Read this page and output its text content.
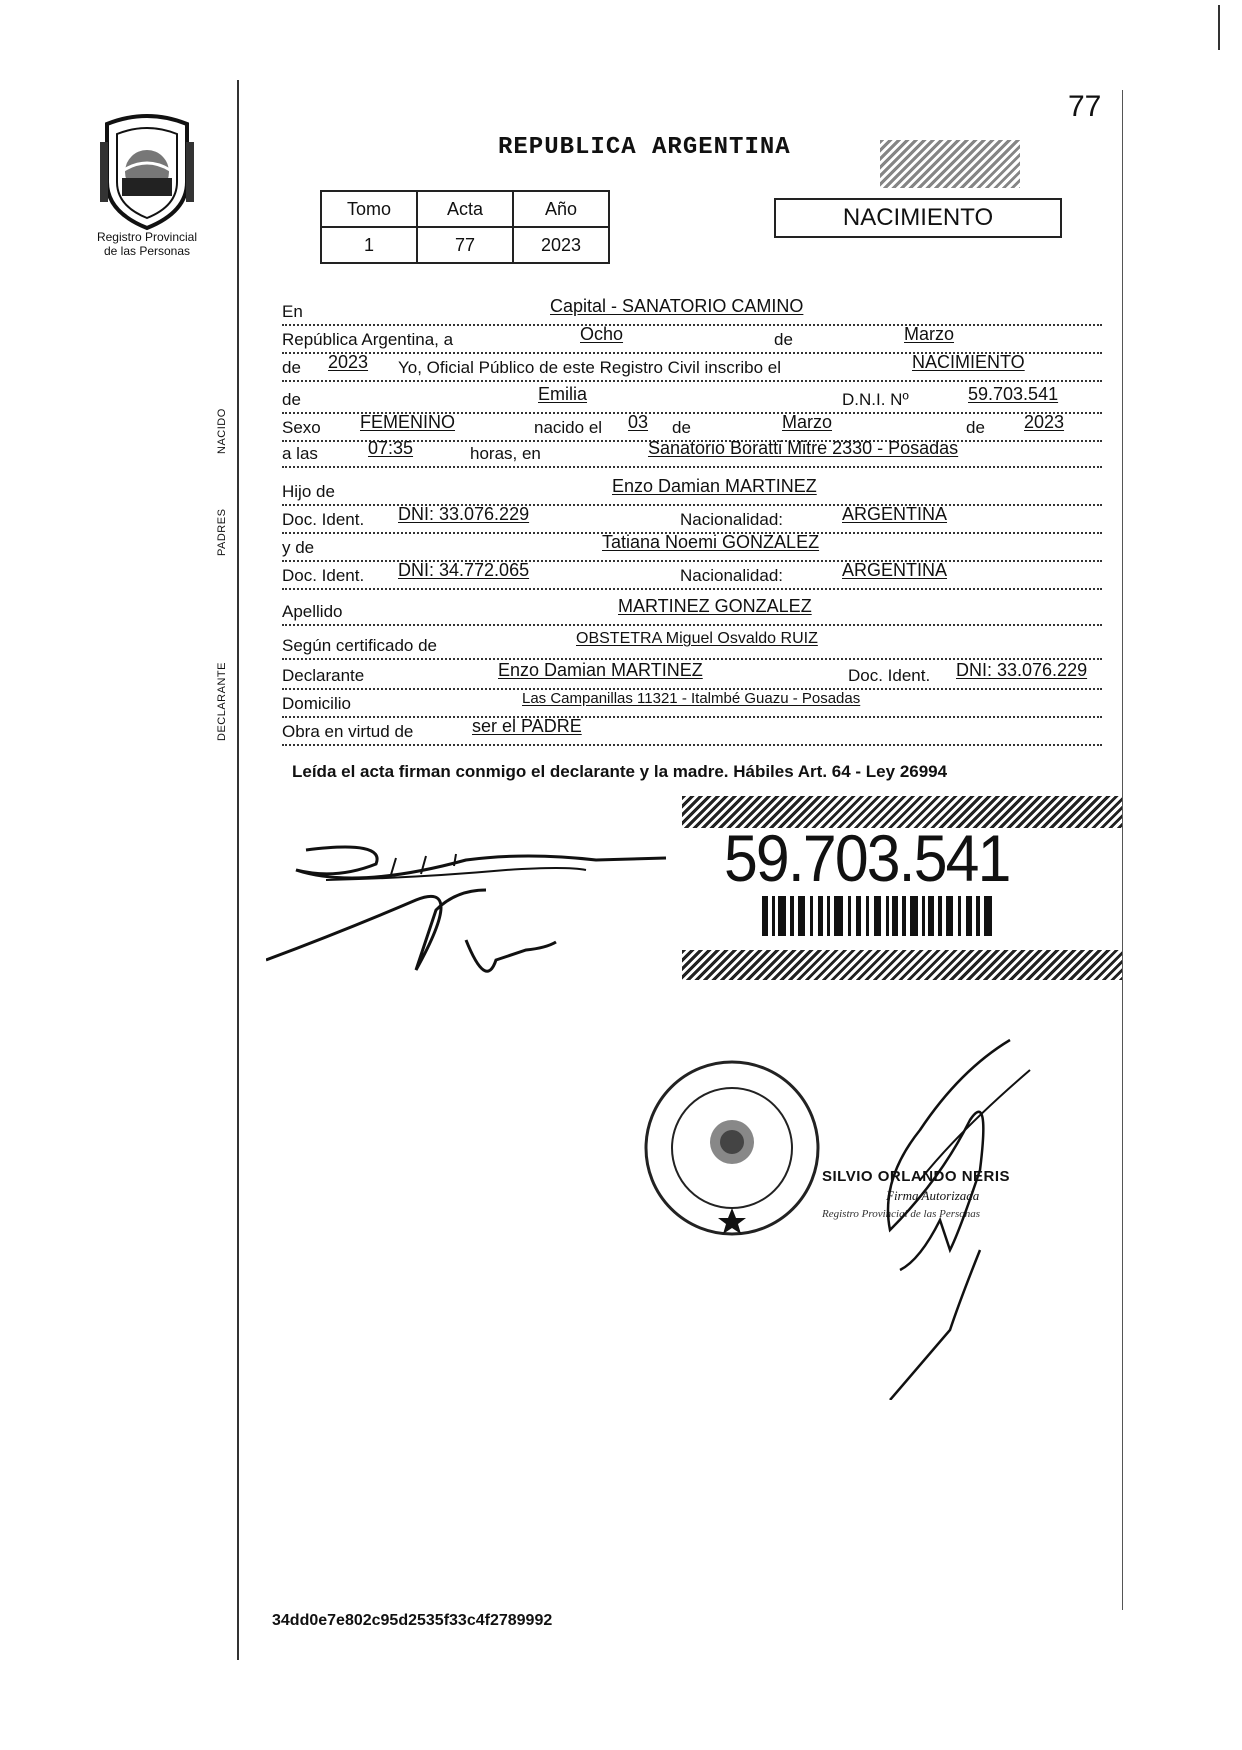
77
Registro Provincial
de las Personas
REPUBLICA ARGENTINA
Tomo	Acta	Año
1	77	2023
NACIMIENTO
NACIDO
PADRES
DECLARANTE
En	Capital - SANATORIO CAMINO
República Argentina, a	Ocho	de	Marzo
de 2023 Yo, Oficial Público de este Registro Civil inscribo el	NACIMIENTO
de	Emilia	D.N.I. Nº	59.703.541
Sexo FEMENINO	nacido el 03 de	Marzo	de 2023
a las	07:35	horas, en	Sanatorio Boratti Mitre 2330 - Posadas
Hijo de	Enzo Damian MARTINEZ
Doc. Ident. DNI: 33.076.229	Nacionalidad:	ARGENTINA
y de	Tatiana Noemi GONZALEZ
Doc. Ident. DNI: 34.772.065	Nacionalidad:	ARGENTINA
Apellido	MARTINEZ GONZALEZ
Según certificado de	OBSTETRA Miguel Osvaldo RUIZ
Declarante	Enzo Damian MARTINEZ	Doc. Ident. DNI: 33.076.229
Domicilio	Las Campanillas 11321 - Italmbé Guazu - Posadas
Obra en virtud de	ser el PADRE
Leída el acta firman conmigo el declarante y la madre. Hábiles Art. 64 - Ley 26994
59.703.541
SILVIO ORLANDO NERIS
Firma Autorizada
Registro Provincial de las Personas
34dd0e7e802c95d2535f33c4f2789992
